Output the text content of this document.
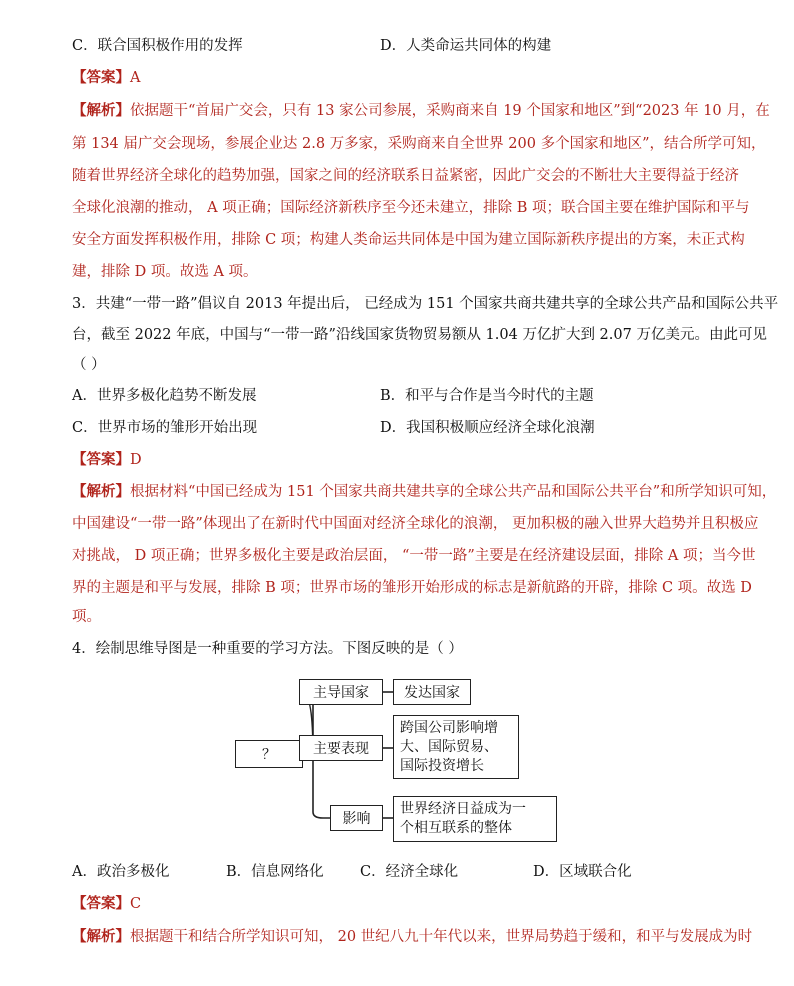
C．联合国积极作用的发挥	D．人类命运共同体的构建
【答案】A
【解析】依据题干“首届广交会，只有 13 家公司参展，采购商来自 19 个国家和地区”到“2023 年 10 月，在
第 134 届广交会现场，参展企业达 2.8 万多家，采购商来自全世界 200 多个国家和地区”，结合所学可知，
随着世界经济全球化的趋势加强，国家之间的经济联系日益紧密，因此广交会的不断壮大主要得益于经济
全球化浪潮的推动， A 项正确；国际经济新秩序至今还未建立，排除 B 项；联合国主要在维护国际和平与
安全方面发挥积极作用，排除 C 项；构建人类命运共同体是中国为建立国际新秩序提出的方案，未正式构
建，排除 D 项。故选 A 项。
3．共建“一带一路”倡议自 2013 年提出后， 已经成为 151 个国家共商共建共享的全球公共产品和国际公共平
台，截至 2022 年底，中国与“一带一路”沿线国家货物贸易额从 1.04 万亿扩大到 2.07 万亿美元。由此可见
（ ）
A．世界多极化趋势不断发展	B．和平与合作是当今时代的主题
C．世界市场的雏形开始出现	D．我国积极顺应经济全球化浪潮
【答案】D
【解析】根据材料“中国已经成为 151 个国家共商共建共享的全球公共产品和国际公共平台”和所学知识可知，
中国建设“一带一路”体现出了在新时代中国面对经济全球化的浪潮， 更加积极的融入世界大趋势并且积极应
对挑战， D 项正确；世界多极化主要是政治层面， “一带一路”主要是在经济建设层面，排除 A 项；当今世
界的主题是和平与发展，排除 B 项；世界市场的雏形开始形成的标志是新航路的开辟，排除 C 项。故选 D
项。
4．绘制思维导图是一种重要的学习方法。下图反映的是（ ）
？
主导国家	发达国家
主要表现
跨国公司影响增
大、国际贸易、
国际投资增长
影响
世界经济日益成为一
个相互联系的整体
A．政治多极化	B．信息网络化	C．经济全球化	D．区域联合化
【答案】C
【解析】根据题干和结合所学知识可知， 20 世纪八九十年代以来，世界局势趋于缓和，和平与发展成为时
